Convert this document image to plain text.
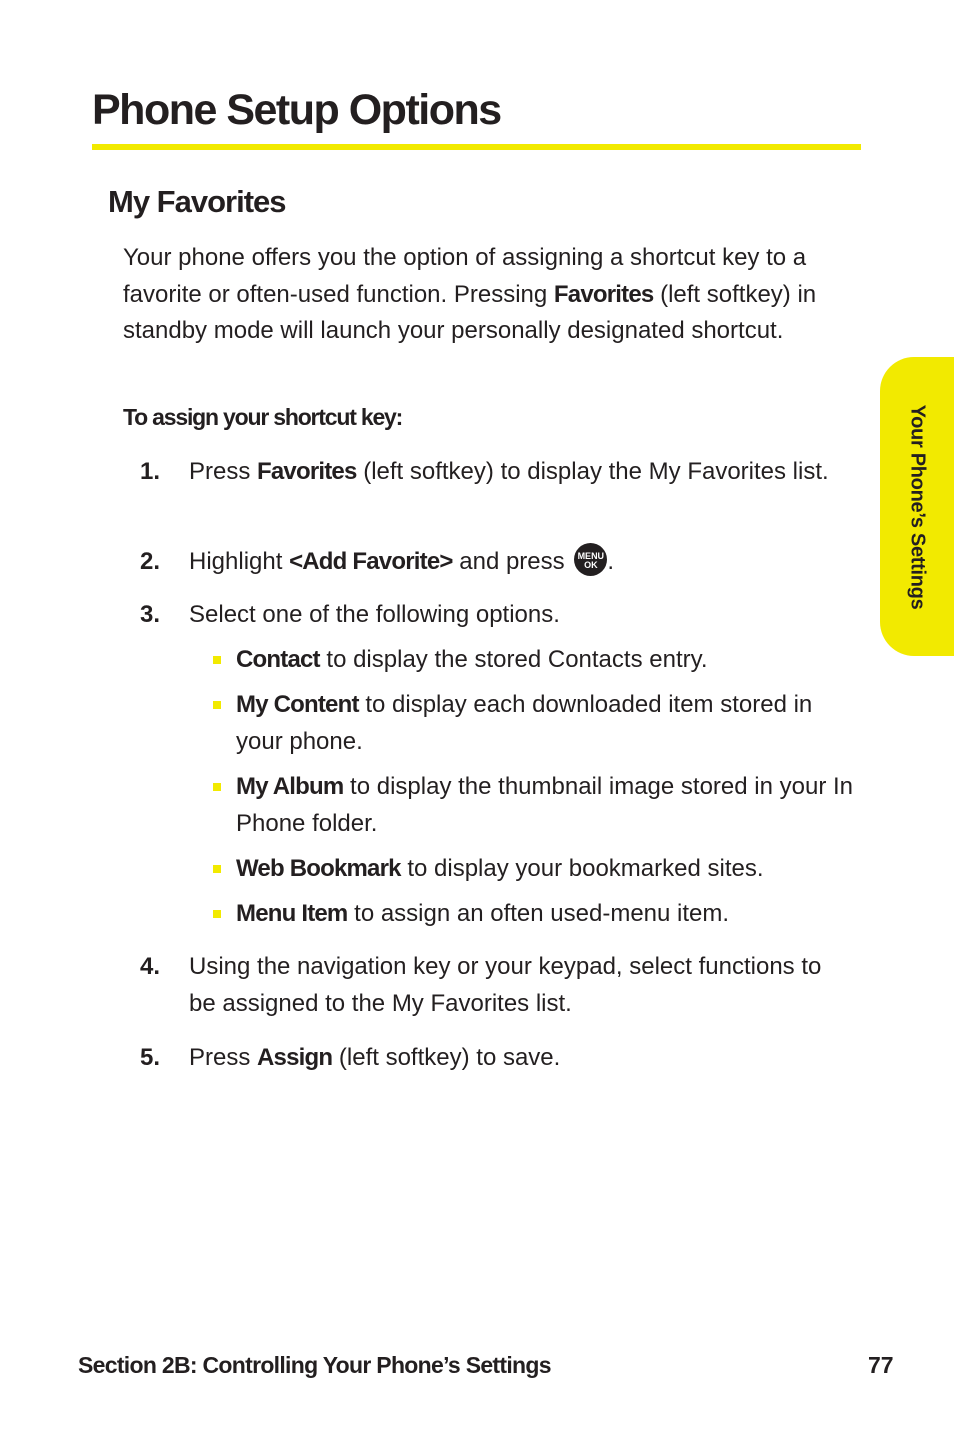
Phone Setup Options
My Favorites

Your phone offers you the option of assigning a shortcut key to a favorite or often-used function. Pressing Favorites (left softkey) in standby mode will launch your personally designated shortcut.

To assign your shortcut key:
1. Press Favorites (left softkey) to display the My Favorites list.
2. Highlight <Add Favorite> and press MENU
OK .
3. Select one of the following options.
Contact to display the stored Contacts entry.
My Content to display each downloaded item stored in your phone.
My Album to display the thumbnail image stored in your In Phone folder.
Web Bookmark to display your bookmarked sites.
Menu Item to assign an often used-menu item.
4. Using the navigation key or your keypad, select functions to be assigned to the My Favorites list.
5. Press Assign (left softkey) to save.
Your Phone’s Settings
Section 2B: Controlling Your Phone’s Settings	77
